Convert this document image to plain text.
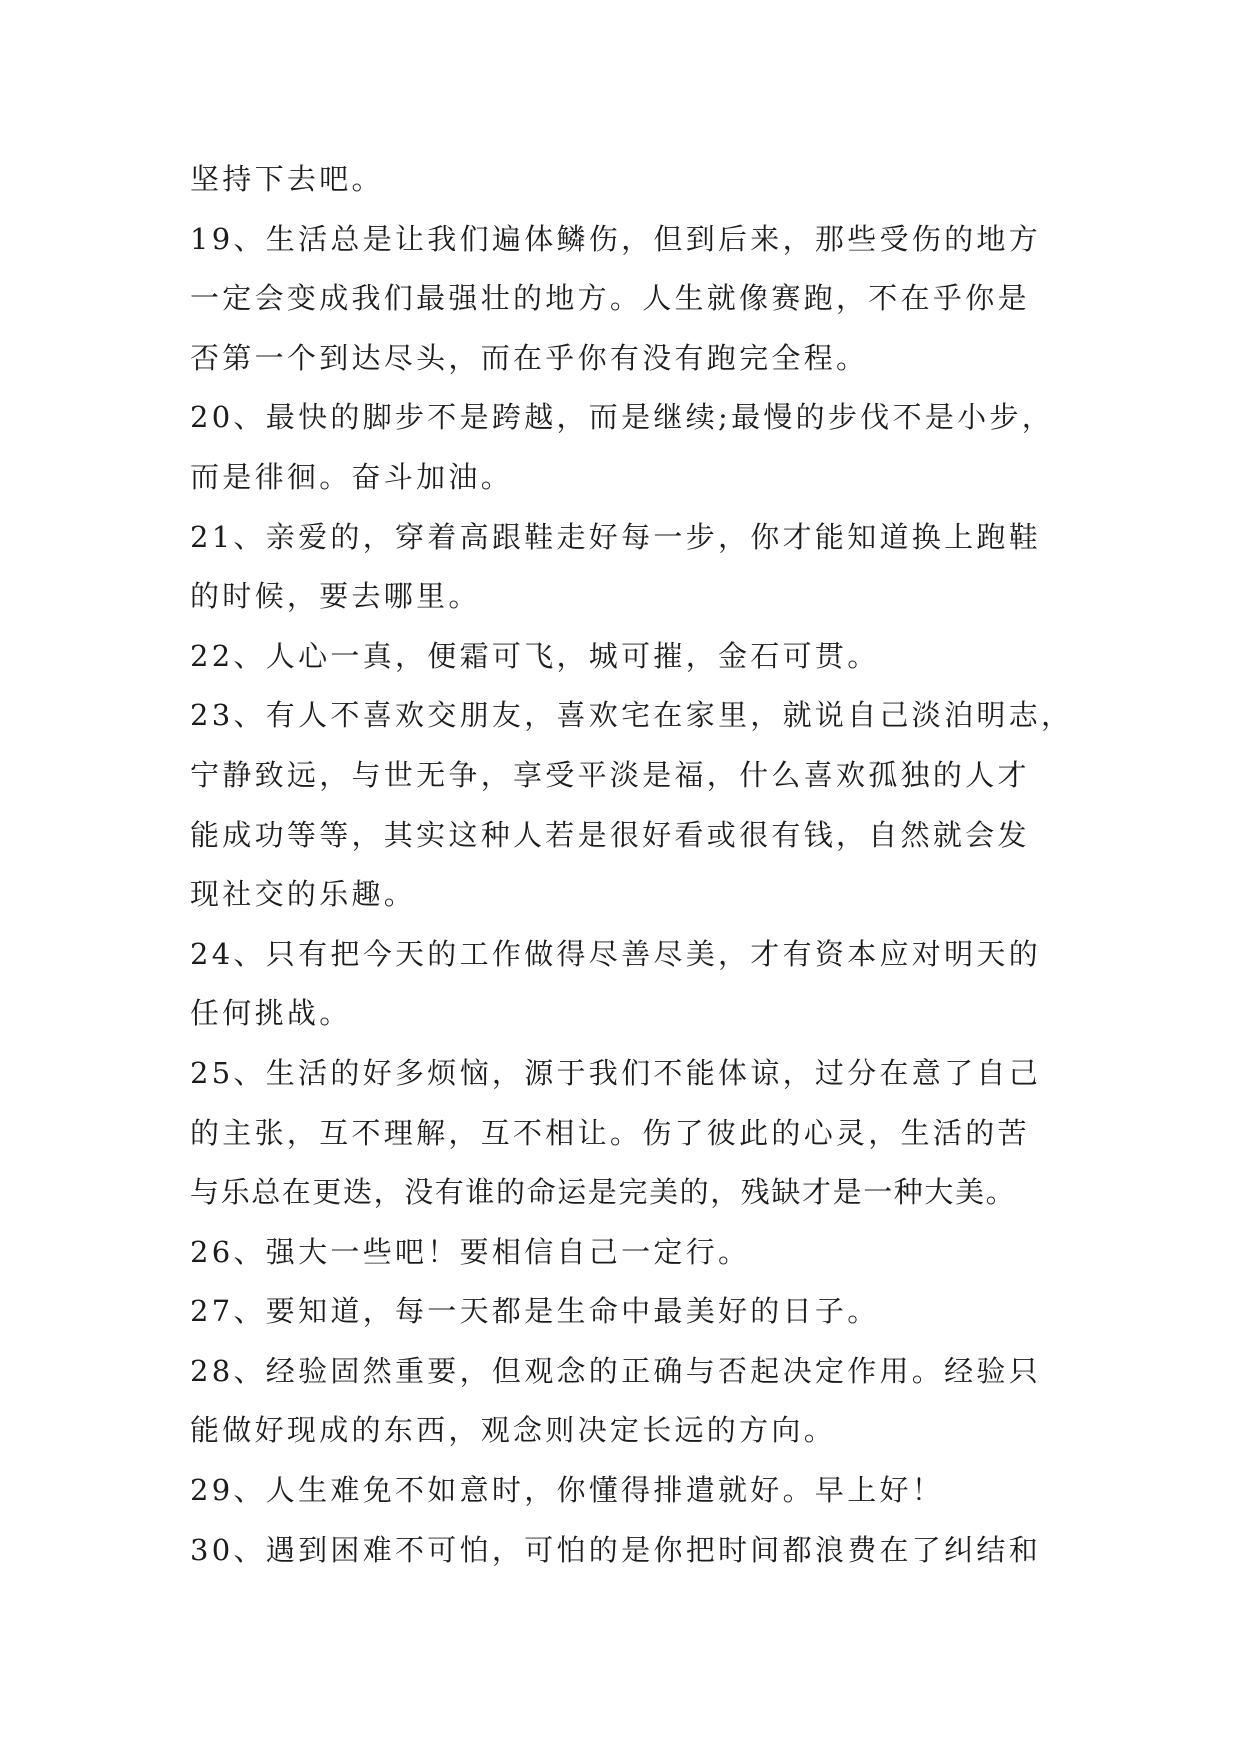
坚持下去吧。
19、生活总是让我们遍体鳞伤，但到后来，那些受伤的地方
一定会变成我们最强壮的地方。人生就像赛跑，不在乎你是
否第一个到达尽头，而在乎你有没有跑完全程。
20、最快的脚步不是跨越，而是继续;最慢的步伐不是小步，
而是徘徊。奋斗加油。
21、亲爱的，穿着高跟鞋走好每一步，你才能知道换上跑鞋
的时候，要去哪里。
22、人心一真，便霜可飞，城可摧，金石可贯。
23、有人不喜欢交朋友，喜欢宅在家里，就说自己淡泊明志，
宁静致远，与世无争，享受平淡是福，什么喜欢孤独的人才
能成功等等，其实这种人若是很好看或很有钱，自然就会发
现社交的乐趣。
24、只有把今天的工作做得尽善尽美，才有资本应对明天的
任何挑战。
25、生活的好多烦恼，源于我们不能体谅，过分在意了自己
的主张，互不理解，互不相让。伤了彼此的心灵，生活的苦
与乐总在更迭，没有谁的命运是完美的，残缺才是一种大美。
26、强大一些吧！要相信自己一定行。
27、要知道，每一天都是生命中最美好的日子。
28、经验固然重要，但观念的正确与否起决定作用。经验只
能做好现成的东西，观念则决定长远的方向。
29、人生难免不如意时，你懂得排遣就好。早上好！
30、遇到困难不可怕，可怕的是你把时间都浪费在了纠结和
